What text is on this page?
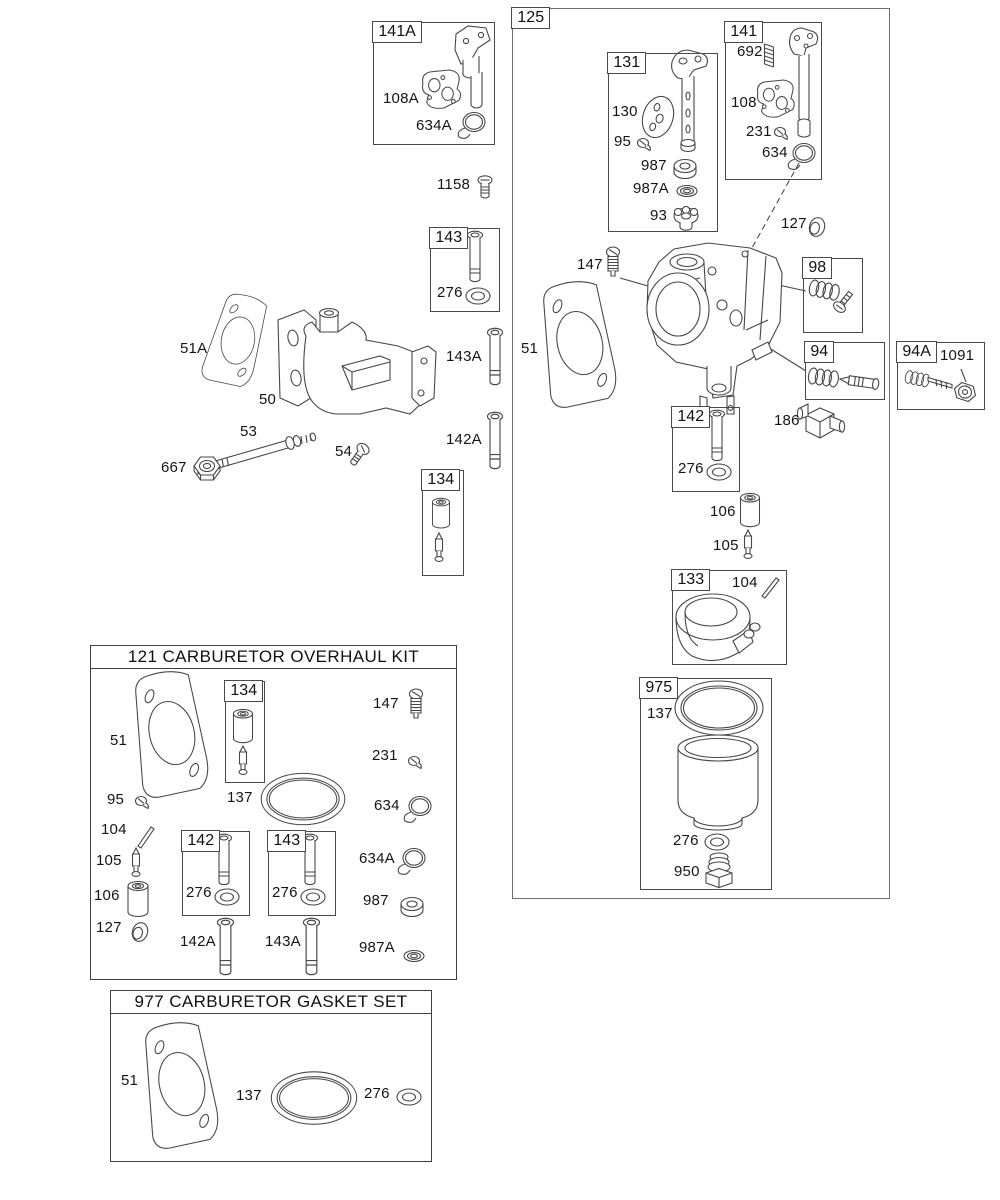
125
141A
131
141
143
134
98
94	94A
142
133
975
121 CARBURETOR OVERHAUL KIT
134
142	143
977 CARBURETOR GASKET SET
1158
51A
50
53
667
54
143A
142A
108A
634A
130
95
987
987A
93
692
108
231
634
276
147
127
51	1091
186
276
106
105
104
137
276
950
51
95
104
105
106
127
147
231
137	634
634A
987
987A
276	276
142A	143A
51
137	276
